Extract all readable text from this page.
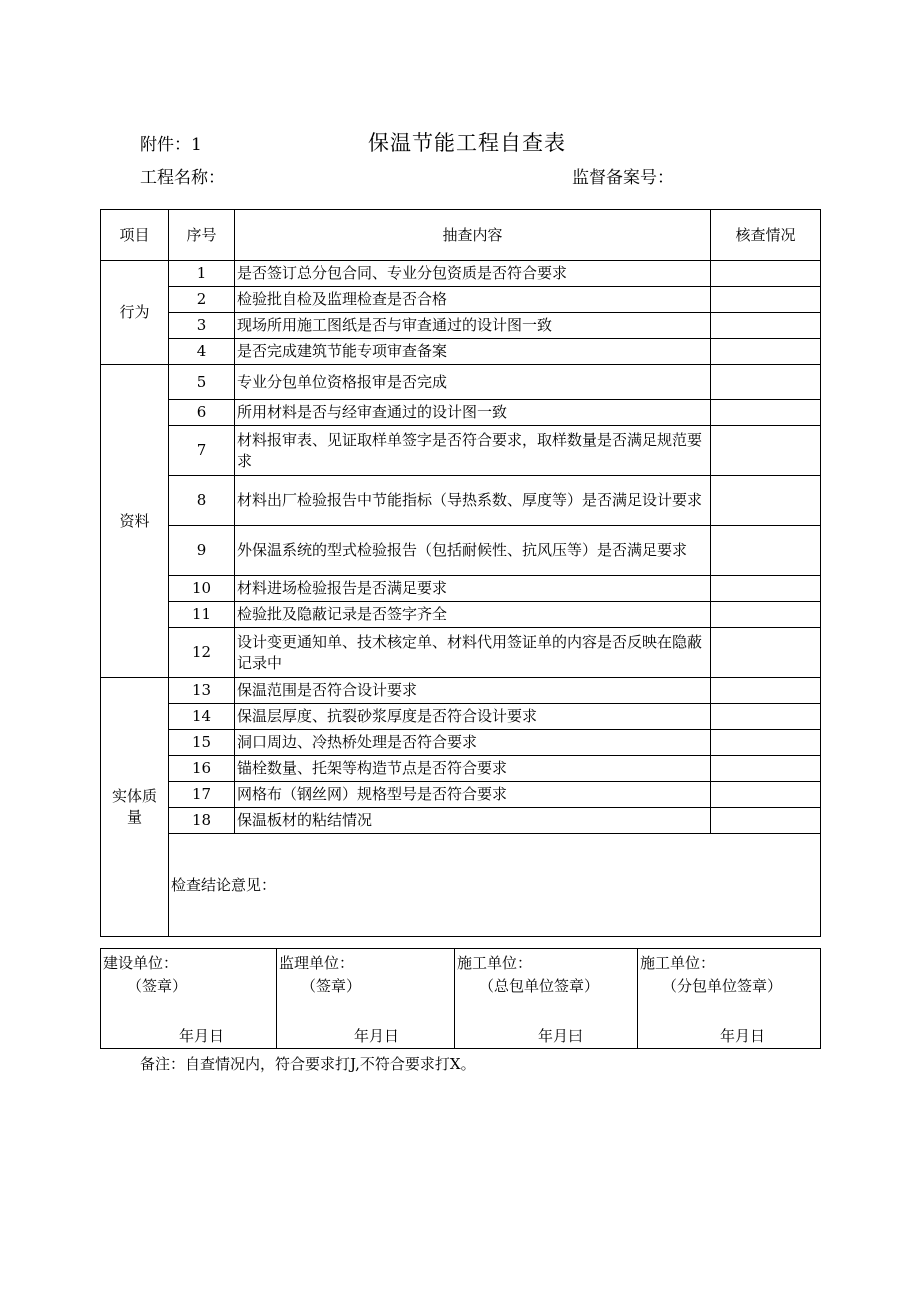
附件：1	保温节能工程自查表
工程名称：	监督备案号：
项目	序号	抽查内容	核查情况
行为	1	是否签订总分包合同、专业分包资质是否符合要求	
	2	检验批自检及监理检查是否合格	
	3	现场所用施工图纸是否与审查通过的设计图一致	
	4	是否完成建筑节能专项审查备案	
资料	5	专业分包单位资格报审是否完成	
	6	所用材料是否与经审查通过的设计图一致	
	7	材料报审表、见证取样单签字是否符合要求，取样数量是否满足规范要求	
	8	材料出厂检验报告中节能指标（导热系数、厚度等）是否满足设计要求	
	9	外保温系统的型式检验报告（包括耐候性、抗风压等）是否满足要求	
	10	材料进场检验报告是否满足要求	
	11	检验批及隐蔽记录是否签字齐全	
	12	设计变更通知单、技术核定单、材料代用签证单的内容是否反映在隐蔽记录中	
实体质量	13	保温范围是否符合设计要求	
	14	保温层厚度、抗裂砂浆厚度是否符合设计要求	
	15	洞口周边、冷热桥处理是否符合要求	
	16	锚栓数量、托架等构造节点是否符合要求	
	17	网格布（钢丝网）规格型号是否符合要求	
	18	保温板材的粘结情况	
	检查结论意见：		
建设单位：
（签章）
年月日

监理单位：
（签章）
年月日

施工单位：
（总包单位签章）
年月曰

施工单位：
（分包单位签章）
年月日
备注：自查情况内，符合要求打J,不符合要求打X。
